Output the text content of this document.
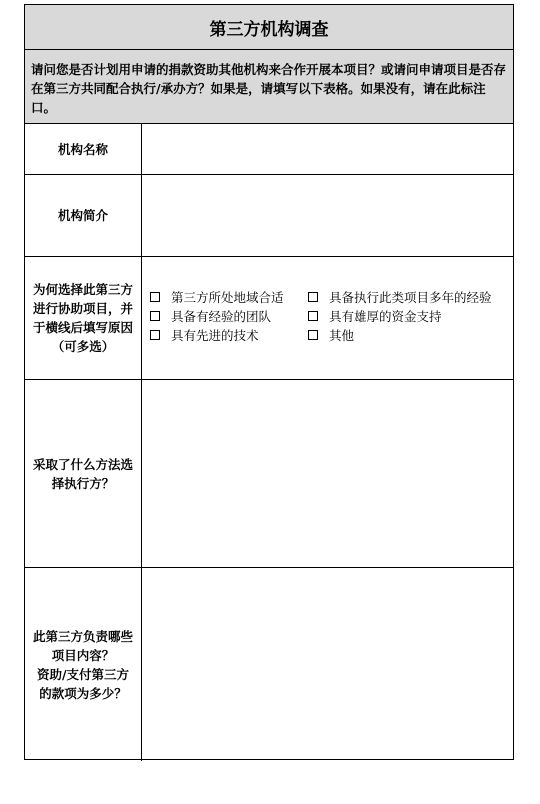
第三方机构调查
请问您是否计划用申请的捐款资助其他机构来合作开展本项目？或请问申请项目是否存在第三方共同配合执行/承办方？如果是，请填写以下表格。如果没有，请在此标注口。
机构名称
机构简介
为何选择此第三方
进行协助项目，并
于横线后填写原因
（可多选）
第三方所处地域合适	具备执行此类项目多年的经验
具备有经验的团队	具有雄厚的资金支持
具有先进的技术	其他
采取了什么方法选
择执行方？
此第三方负责哪些
项目内容？
资助/支付第三方
的款项为多少？
